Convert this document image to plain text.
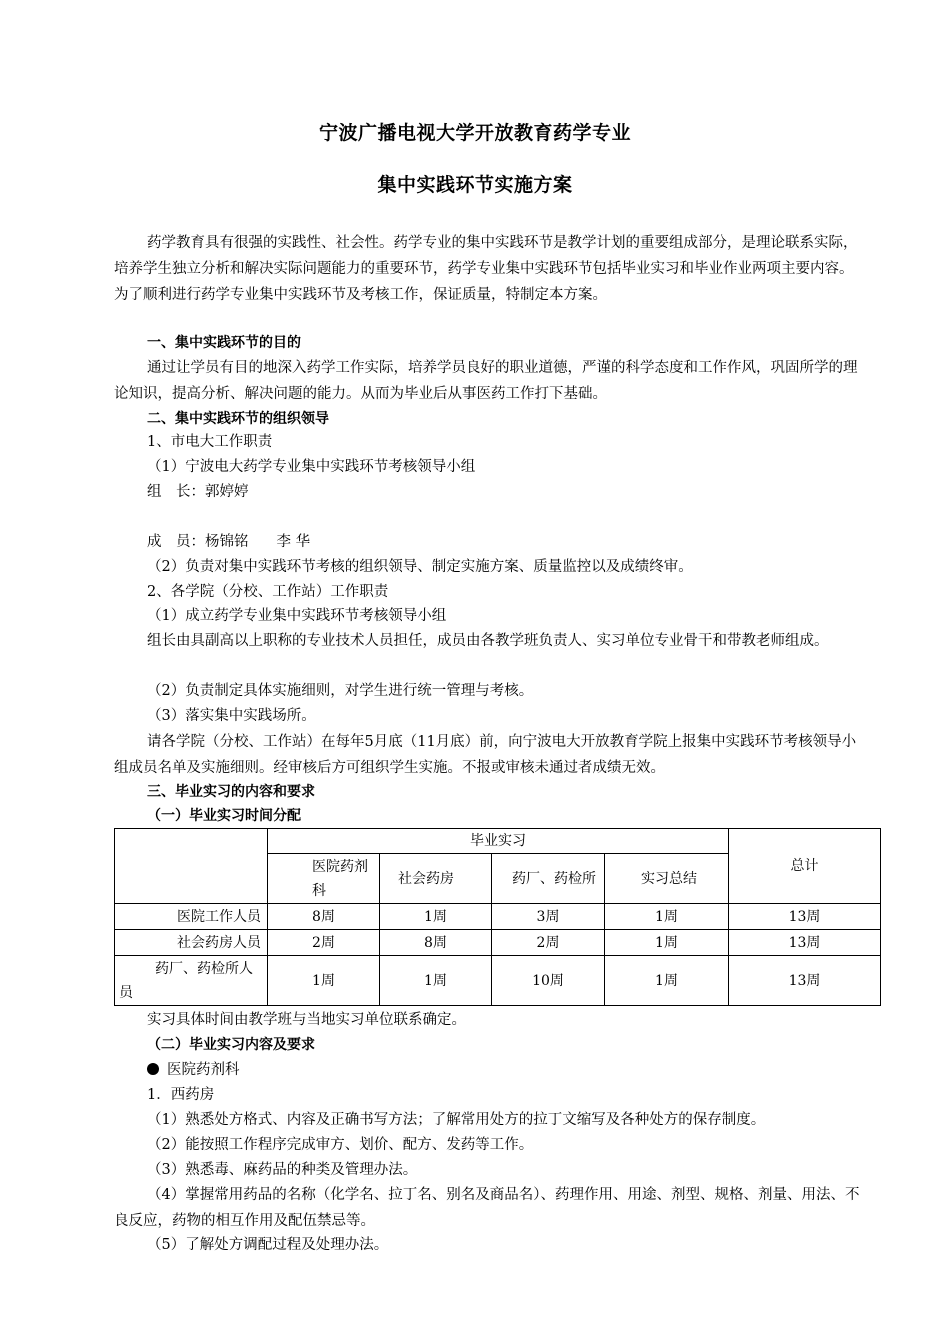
宁波广播电视大学开放教育药学专业
集中实践环节实施方案
药学教育具有很强的实践性、社会性。药学专业的集中实践环节是教学计划的重要组成部分，是理论联系实际，培养学生独立分析和解决实际问题能力的重要环节，药学专业集中实践环节包括毕业实习和毕业作业两项主要内容。为了顺利进行药学专业集中实践环节及考核工作，保证质量，特制定本方案。
一、集中实践环节的目的
通过让学员有目的地深入药学工作实际，培养学员良好的职业道德，严谨的科学态度和工作作风，巩固所学的理论知识，提高分析、解决问题的能力。从而为毕业后从事医药工作打下基础。
二、集中实践环节的组织领导
1、市电大工作职责
（1）宁波电大药学专业集中实践环节考核领导小组
组　长：郭婷婷
成　员：杨锦铭 李 华
（2）负责对集中实践环节考核的组织领导、制定实施方案、质量监控以及成绩终审。
2、各学院（分校、工作站）工作职责
（1）成立药学专业集中实践环节考核领导小组
组长由具副高以上职称的专业技术人员担任，成员由各教学班负责人、实习单位专业骨干和带教老师组成。
（2）负责制定具体实施细则，对学生进行统一管理与考核。
（3）落实集中实践场所。
请各学院（分校、工作站）在每年5月底（11月底）前，向宁波电大开放教育学院上报集中实践环节考核领导小组成员名单及实施细则。经审核后方可组织学生实施。不报或审核未通过者成绩无效。
三、毕业实习的内容和要求
（一）毕业实习时间分配
	毕业实习				总计
	医院药剂科	社会药房	药厂、药检所	实习总结	
医院工作人员	8周	1周	3周	1周	13周
社会药房人员	2周	8周	2周	1周	13周
药厂、药检所人员	1周	1周	10周	1周	13周
实习具体时间由教学班与当地实习单位联系确定。
（二）毕业实习内容及要求
医院药剂科
1．西药房
（1）熟悉处方格式、内容及正确书写方法；了解常用处方的拉丁文缩写及各种处方的保存制度。
（2）能按照工作程序完成审方、划价、配方、发药等工作。
（3）熟悉毒、麻药品的种类及管理办法。
（4）掌握常用药品的名称（化学名、拉丁名、别名及商品名）、药理作用、用途、剂型、规格、剂量、用法、不良反应，药物的相互作用及配伍禁忌等。
（5）了解处方调配过程及处理办法。
